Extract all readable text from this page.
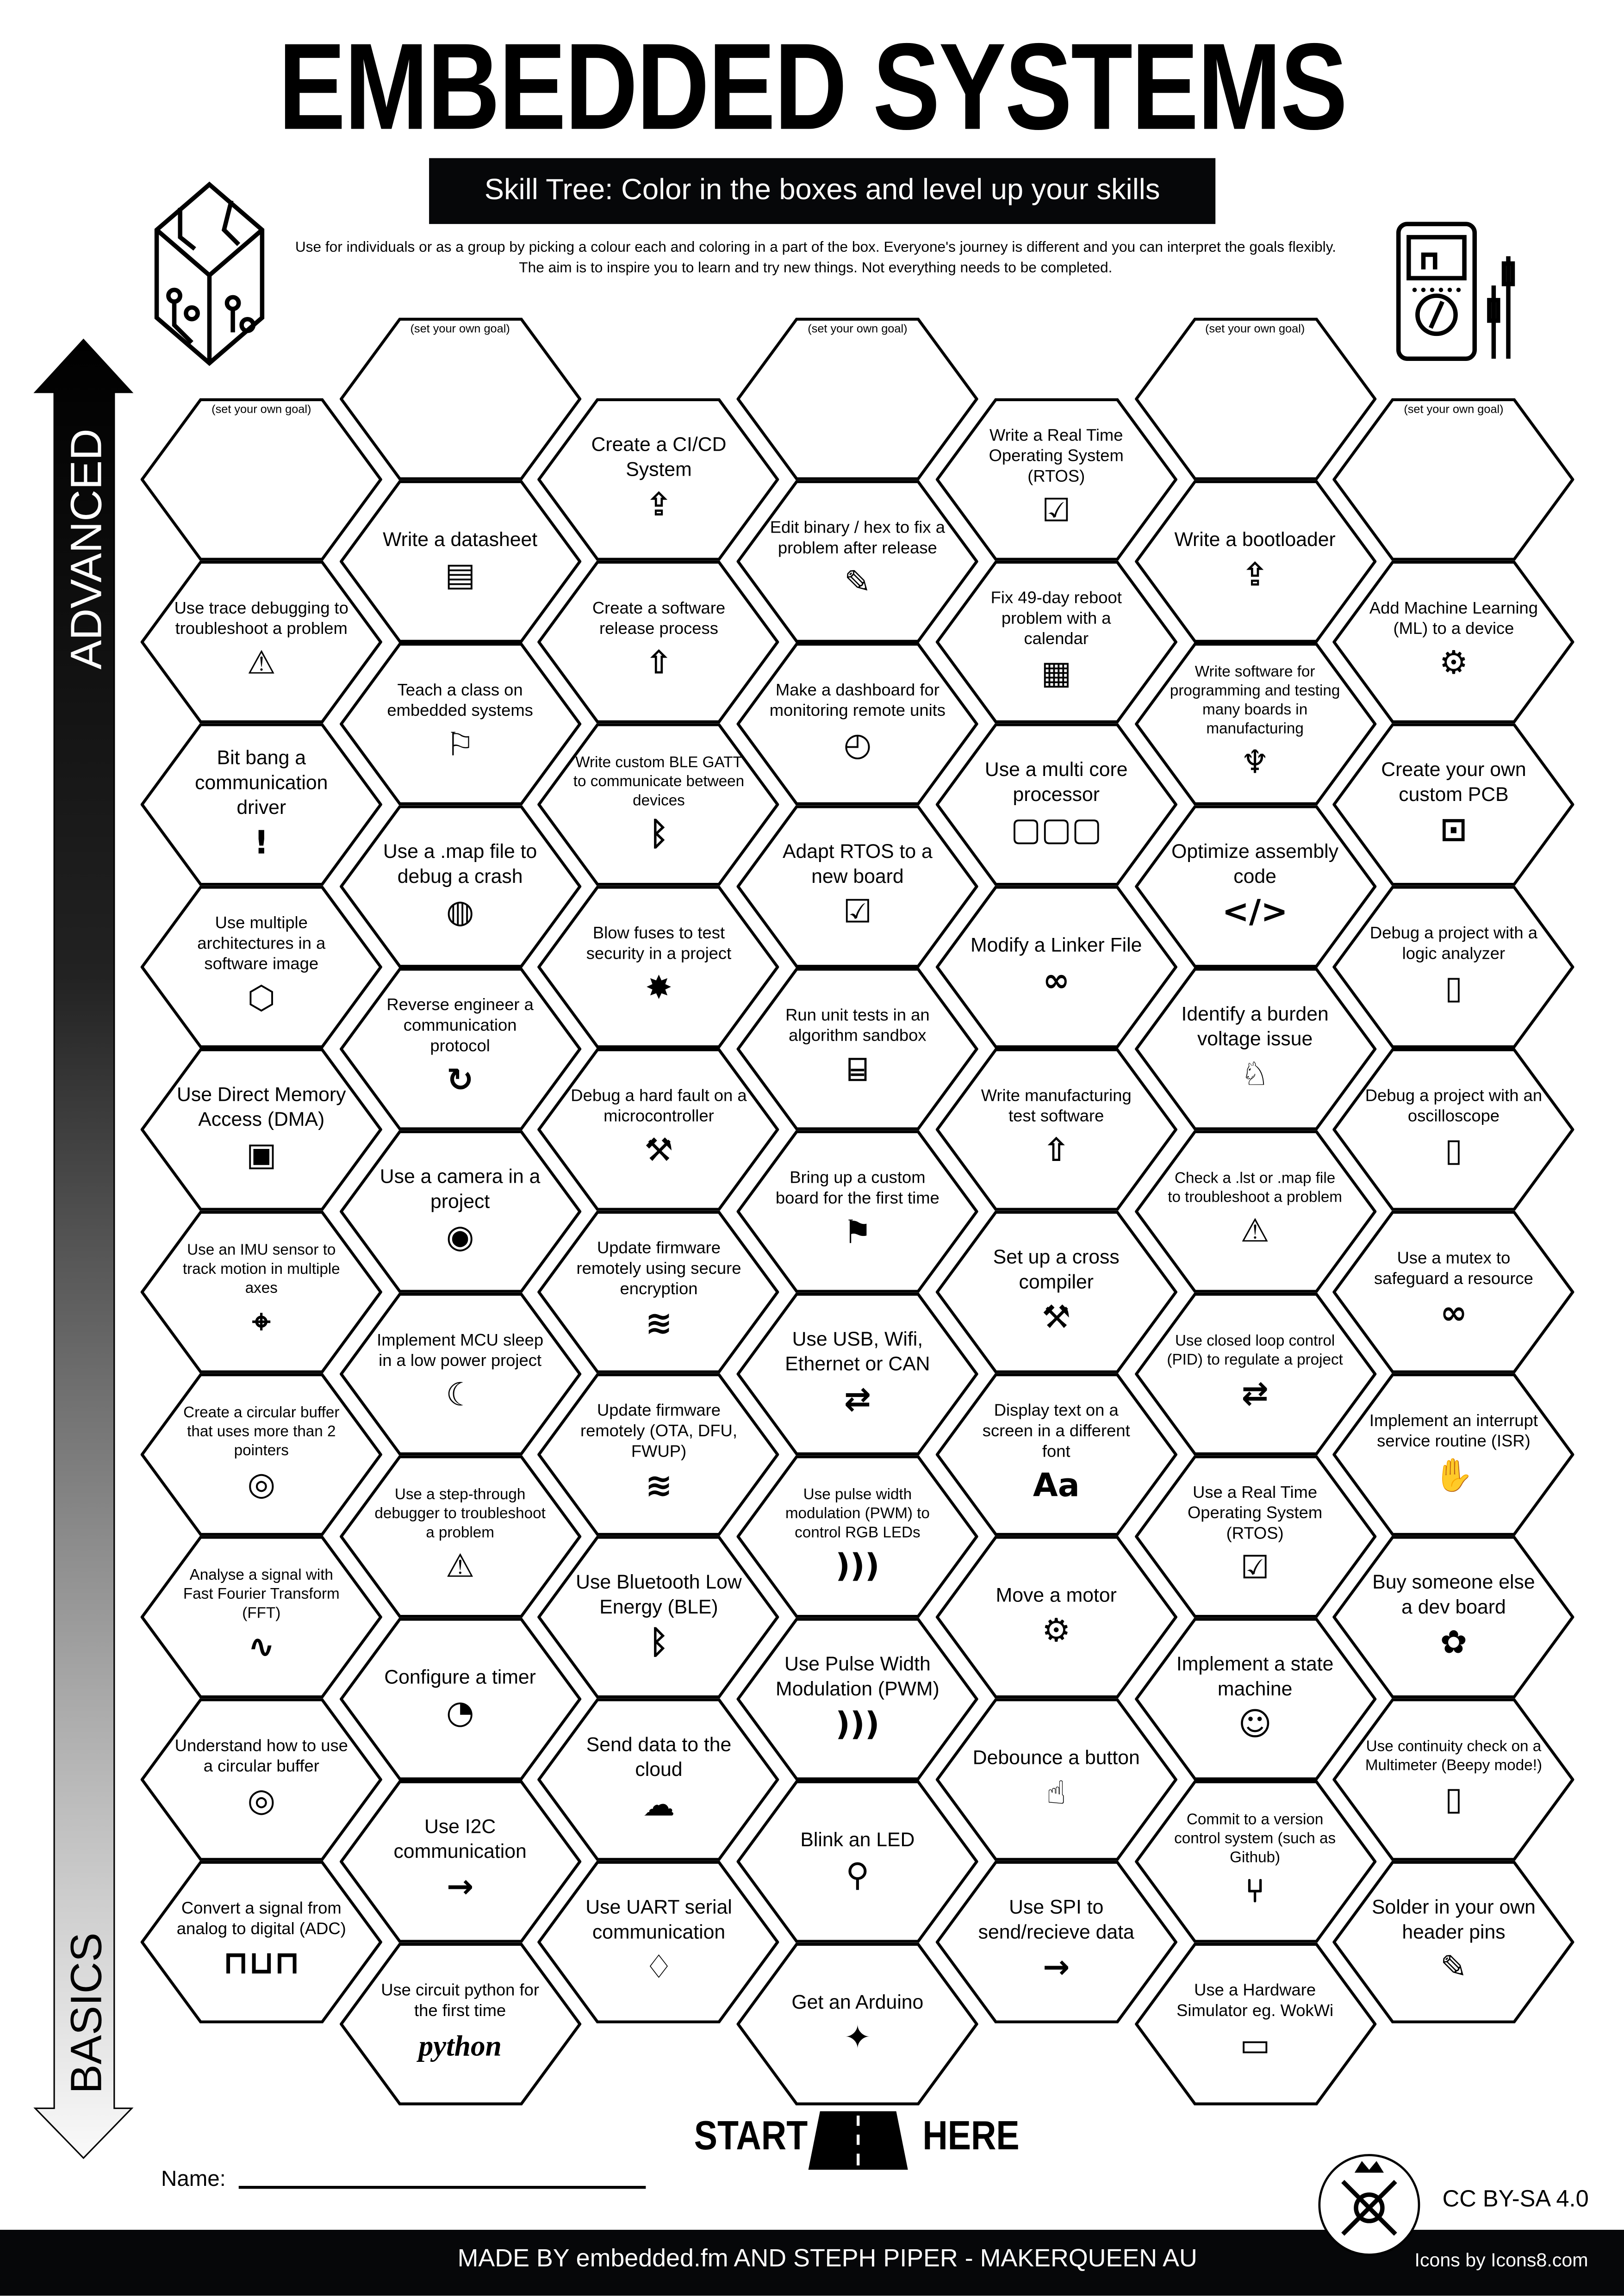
EMBEDDED SYSTEMS
Skill Tree: Color in the boxes and level up your skills
Use for individuals or as a group by picking a colour each and coloring in a part of the box. Everyone's journey is different and you can interpret the goals flexibly. The aim is to inspire you to learn and try new things. Not everything needs to be completed.
ADVANCED
BASICS
(set your own goal)
Use trace debugging to troubleshoot a problem
⚠
Bit bang a communication driver
!
Use multiple architectures in a software image
⬡
Use Direct Memory Access (DMA)
▣
Use an IMU sensor to track motion in multiple axes
⌖
Create a circular buffer that uses more than 2 pointers
◎
Analyse a signal with Fast Fourier Transform (FFT)
∿
Understand how to use a circular buffer
◎
Convert a signal from analog to digital (ADC)
⊓⊔⊓
(set your own goal)
Write a datasheet
▤
Teach a class on embedded systems
⚐
Use a .map file to debug a crash
◍
Reverse engineer a communication protocol
↻
Use a camera in a project
◉
Implement MCU sleep in a low power project
☾
Use a step-through debugger to troubleshoot a problem
⚠
Configure a timer
◔
Use I2C communication
→
Use circuit python for the first time
python
Create a CI/CD System
⇪
Create a software release process
⇧
Write custom BLE GATT to communicate between devices
ᛒ
Blow fuses to test security in a project
✸
Debug a hard fault on a microcontroller
⚒
Update firmware remotely using secure encryption
≋
Update firmware remotely (OTA, DFU, FWUP)
≋
Use Bluetooth Low Energy (BLE)
ᛒ
Send data to the cloud
☁
Use UART serial communication
♢
(set your own goal)
Edit binary / hex to fix a problem after release
✎
Make a dashboard for monitoring remote units
◴
Adapt RTOS to a new board
☑
Run unit tests in an algorithm sandbox
⌸
Bring up a custom board for the first time
⚑
Use USB, Wifi, Ethernet or CAN
⇄
Use pulse width modulation (PWM) to control RGB LEDs
)))
Use Pulse Width Modulation (PWM)
)))
Blink an LED
⚲
Get an Arduino
✦
Write a Real Time Operating System (RTOS)
☑
Fix 49-day reboot problem with a calendar
▦
Use a multi core processor
▢▢▢
Modify a Linker File
∞
Write manufacturing test software
⇧
Set up a cross compiler
⚒
Display text on a screen in a different font
Aa
Move a motor
⚙
Debounce a button
☝
Use SPI to send/recieve data
→
(set your own goal)
Write a bootloader
⇪
Write software for programming and testing many boards in manufacturing
♆
Optimize assembly code
</>
Identify a burden voltage issue
♘
Check a .lst or .map file to troubleshoot a problem
⚠
Use closed loop control (PID) to regulate a project
⇄
Use a Real Time Operating System (RTOS)
☑
Implement a state machine
☺
Commit to a version control system (such as Github)
⑂
Use a Hardware Simulator eg. WokWi
▭
(set your own goal)
Add Machine Learning (ML) to a device
⚙
Create your own custom PCB
⊡
Debug a project with a logic analyzer
▯
Debug a project with an oscilloscope
▯
Use a mutex to safeguard a resource
∞
Implement an interrupt service routine (ISR)
✋
Buy someone else a dev board
✿
Use continuity check on a Multimeter (Beepy mode!)
▯
Solder in your own header pins
✎
START	HERE
Name:
CC BY-SA 4.0
MADE BY embedded.fm AND STEPH PIPER - MAKERQUEEN AU	Icons by Icons8.com
